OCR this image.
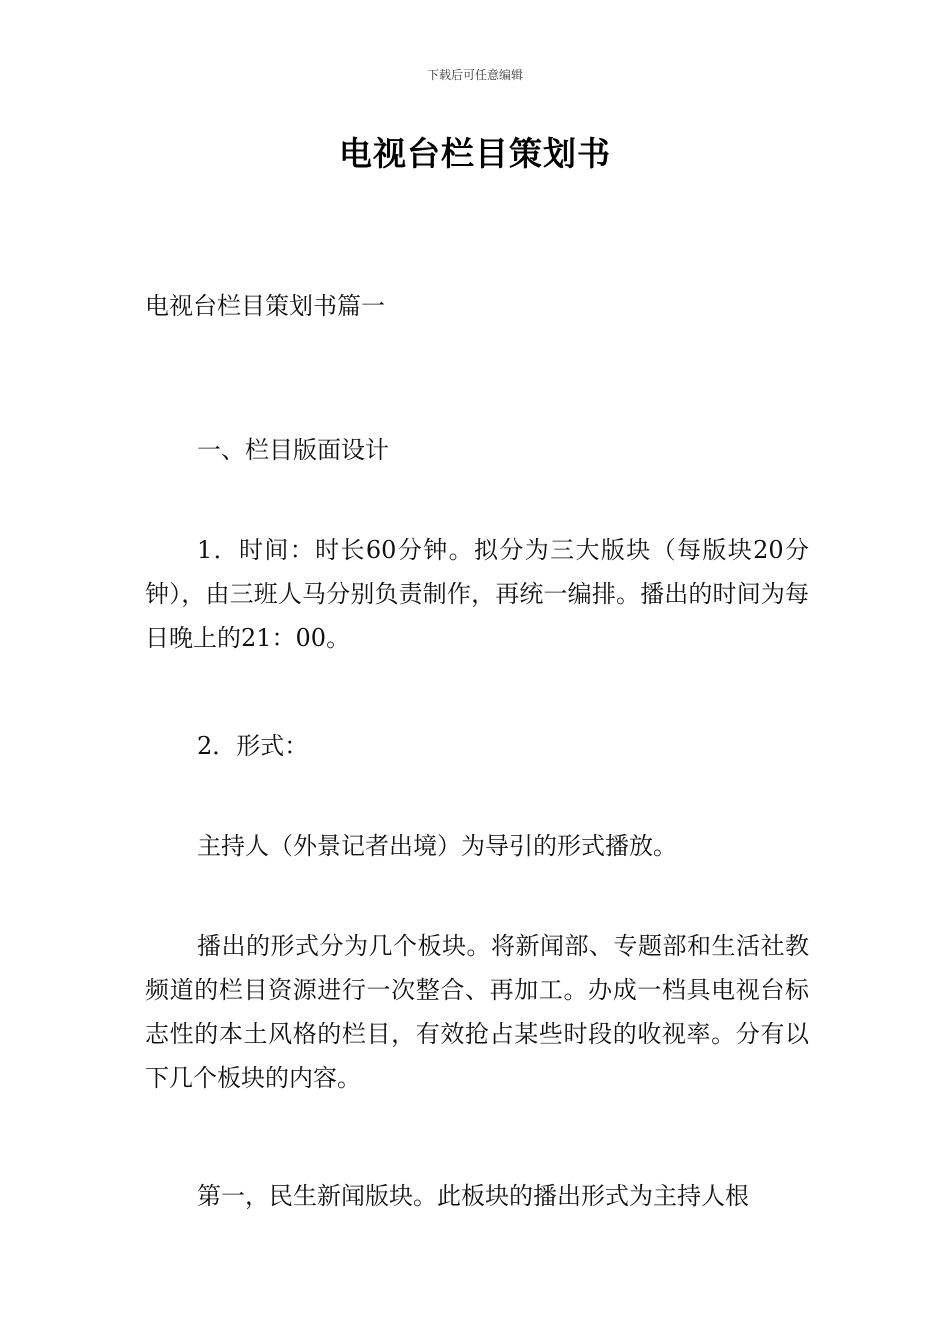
下载后可任意编辑
电视台栏目策划书

电视台栏目策划书篇一

一、栏目版面设计

1．时间：时长60分钟。拟分为三大版块（每版块20分钟），由三班人马分别负责制作，再统一编排。播出的时间为每日晚上的21：00。

2．形式：

主持人（外景记者出境）为导引的形式播放。

播出的形式分为几个板块。将新闻部、专题部和生活社教频道的栏目资源进行一次整合、再加工。办成一档具电视台标志性的本土风格的栏目，有效抢占某些时段的收视率。分有以下几个板块的内容。

第一，民生新闻版块。此板块的播出形式为主持人根
